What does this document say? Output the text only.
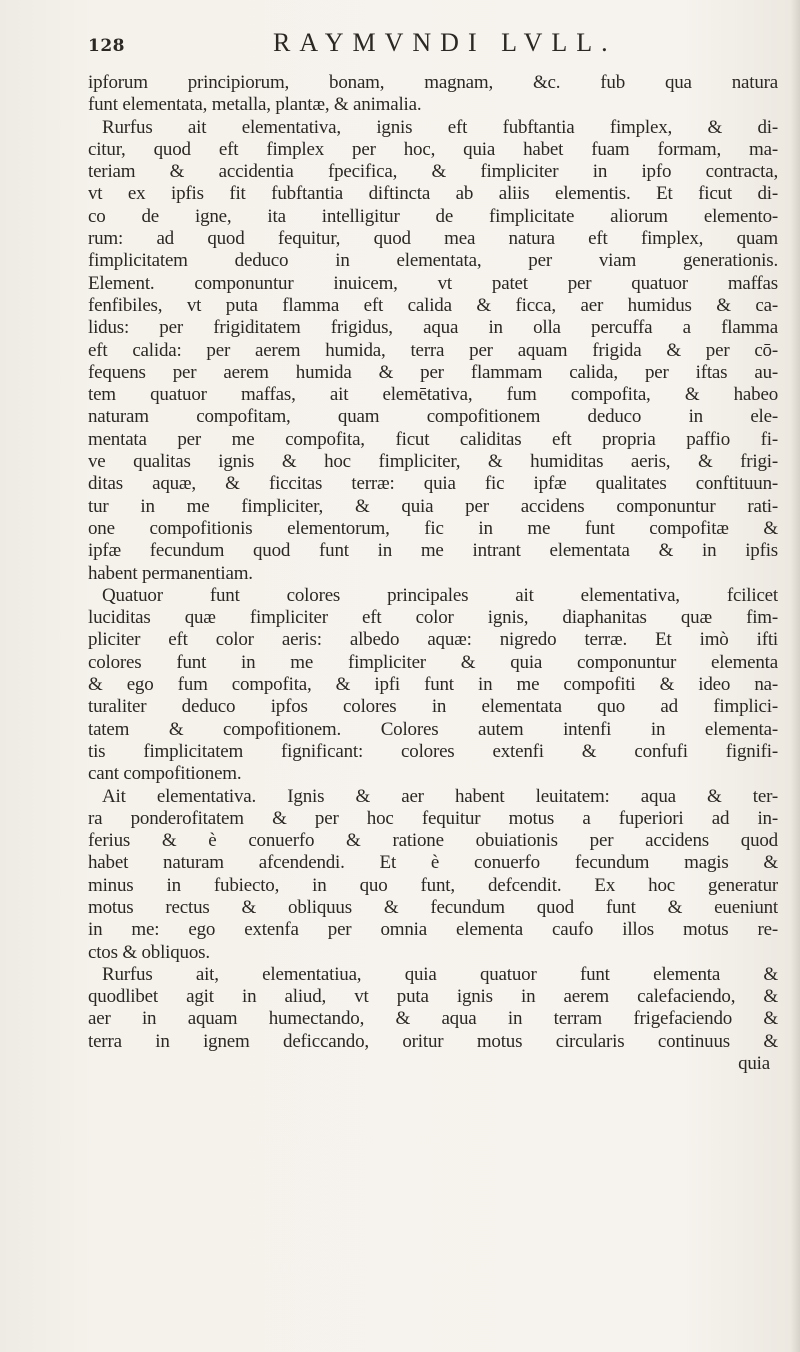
128	RAYMVNDI LVLL.
ipforum principiorum, bonam, magnam, &c. fub qua natura
funt elementata, metalla, plantæ, & animalia.
Rurfus ait elementativa, ignis eft fubftantia fimplex, & di-
citur, quod eft fimplex per hoc, quia habet fuam formam, ma-
teriam & accidentia fpecifica, & fimpliciter in ipfo contracta,
vt ex ipfis fit fubftantia diftincta ab aliis elementis. Et ficut di-
co de igne, ita intelligitur de fimplicitate aliorum elemento-
rum: ad quod fequitur, quod mea natura eft fimplex, quam
fimplicitatem deduco in elementata, per viam generationis.
Element. componuntur inuicem, vt patet per quatuor maffas
fenfibiles, vt puta flamma eft calida & ficca, aer humidus & ca-
lidus: per frigiditatem frigidus, aqua in olla percuffa a flamma
eft calida: per aerem humida, terra per aquam frigida & per cō-
fequens per aerem humida & per flammam calida, per iftas au-
tem quatuor maffas, ait elemētativa, fum compofita, & habeo
naturam compofitam, quam compofitionem deduco in ele-
mentata per me compofita, ficut caliditas eft propria paffio fi-
ve qualitas ignis & hoc fimpliciter, & humiditas aeris, & frigi-
ditas aquæ, & ficcitas terræ: quia fic ipfæ qualitates conftituun-
tur in me fimpliciter, & quia per accidens componuntur rati-
one compofitionis elementorum, fic in me funt compofitæ &
ipfæ fecundum quod funt in me intrant elementata & in ipfis
habent permanentiam.
Quatuor funt colores principales ait elementativa, fcilicet
luciditas quæ fimpliciter eft color ignis, diaphanitas quæ fim-
pliciter eft color aeris: albedo aquæ: nigredo terræ. Et imò ifti
colores funt in me fimpliciter & quia componuntur elementa
& ego fum compofita, & ipfi funt in me compofiti & ideo na-
turaliter deduco ipfos colores in elementata quo ad fimplici-
tatem & compofitionem. Colores autem intenfi in elementa-
tis fimplicitatem fignificant: colores extenfi & confufi fignifi-
cant compofitionem.
Ait elementativa. Ignis & aer habent leuitatem: aqua & ter-
ra ponderofitatem & per hoc fequitur motus a fuperiori ad in-
ferius & è conuerfo & ratione obuiationis per accidens quod
habet naturam afcendendi. Et è conuerfo fecundum magis &
minus in fubiecto, in quo funt, defcendit. Ex hoc generatur
motus rectus & obliquus & fecundum quod funt & eueniunt
in me: ego extenfa per omnia elementa caufo illos motus re-
ctos & obliquos.
Rurfus ait, elementatiua, quia quatuor funt elementa &
quodlibet agit in aliud, vt puta ignis in aerem calefaciendo, &
aer in aquam humectando, & aqua in terram frigefaciendo &
terra in ignem deficcando, oritur motus circularis continuus &
quia
